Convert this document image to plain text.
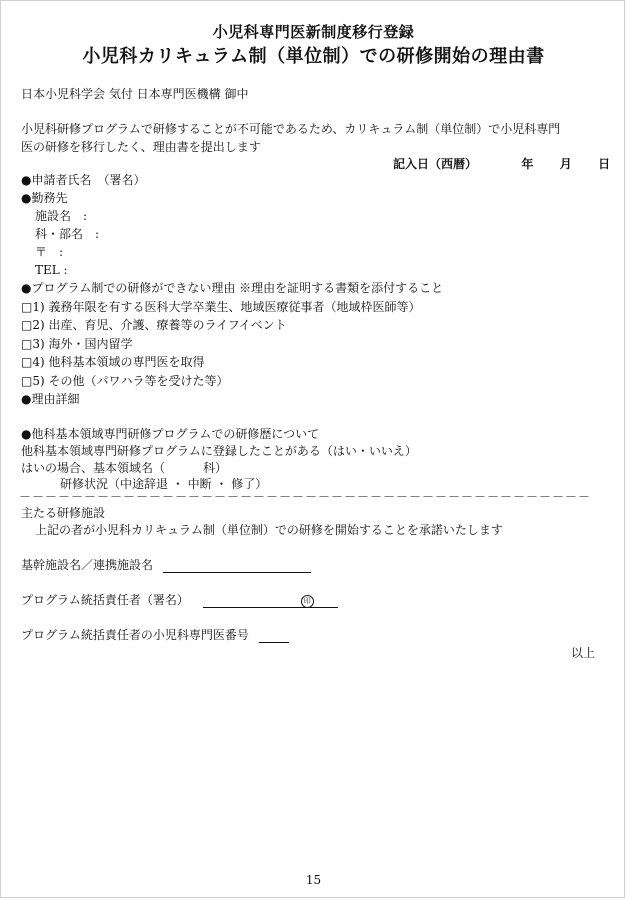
小児科専門医新制度移行登録
小児科カリキュラム制（単位制）での研修開始の理由書
日本小児科学会 気付 日本専門医機構 御中
小児科研修プログラムで研修することが不可能であるため、カリキュラム制（単位制）で小児科専門
医の研修を移行したく、理由書を提出します
記入日（西暦）	年 月 日
●申請者氏名　（署名）
●勤務先
施設名　:
科・部名　:
〒　:
TEL :
●プログラム制での研修ができない理由 ※理由を証明する書類を添付すること
□1) 義務年限を有する医科大学卒業生、地域医療従事者（地域枠医師等）
□2) 出産、育児、介護、療養等のライフイベント
□3) 海外・国内留学
□4) 他科基本領域の専門医を取得
□5) その他（パワハラ等を受けた等）
●理由詳細
●他科基本領域専門研修プログラムでの研修歴について
他科基本領域専門研修プログラムに登録したことがある（はい・いいえ）
はいの場合、基本領域名（	科）
研修状況（中途辞退 ・ 中断 ・ 修了）
－－－－－－－－－－－－－－－－－－－－－－－－－－－－－－－－－－－－－－－－－－－－
主たる研修施設
上記の者が小児科カリキュラム制（単位制）での研修を開始することを承諾いたします
基幹施設名／連携施設名
プログラム統括責任者（署名）	印
プログラム統括責任者の小児科専門医番号
以上
15
